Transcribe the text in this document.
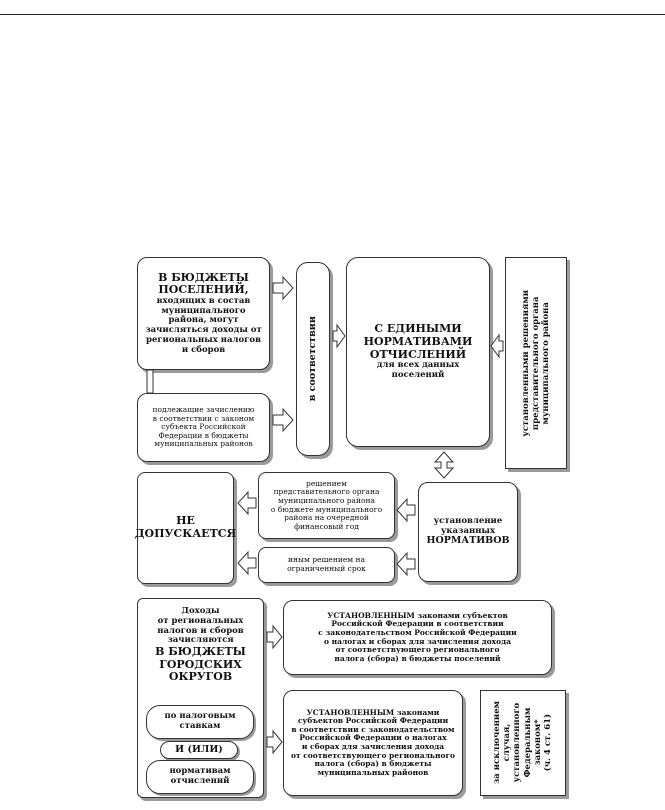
В БЮДЖЕТЫ
ПОСЕЛЕНИЙ,
входящих в состав
муниципального
района, могут
зачисляться доходы от
региональных налогов
и сборов
подлежащие зачислению
в соответствии с законом
субъекта Российской
Федерации в бюджеты
муниципальных районов
в соответствии	С ЕДИНЫМИ
НОРМАТИВАМИ
ОТЧИСЛЕНИЙ
для всех данных
поселений	установленными решениями представительного органа муниципального района
НЕ
ДОПУСКАЕТСЯ
решением
представительного органа
муниципального района
о бюджете муниципального
района на очередной
финансовый год
иным решением на
ограниченный срок
установление
указанных
НОРМАТИВОВ
Доходы
от региональных
налогов и сборов
зачисляются
В БЮДЖЕТЫ
ГОРОДСКИХ
ОКРУГОВ
по налоговым
ставкам
И (ИЛИ)
нормативам
отчислений
УСТАНОВЛЕННЫМ законами субъектов
Российской Федерации в соответствии
с законодательством Российской Федерации
о налогах и сборах для зачисления дохода
от соответствующего регионального
налога (сбора) в бюджеты поселений
УСТАНОВЛЕННЫМ законами
субъектов Российской Федерации
в соответствии с законодательством
Российской Федерации о налогах
и сборах для зачисления дохода
от соответствующего регионального
налога (сбора) в бюджеты
муниципальных районов	за исключением случая, установленного Федеральным законом* (ч. 4 ст. 61)
